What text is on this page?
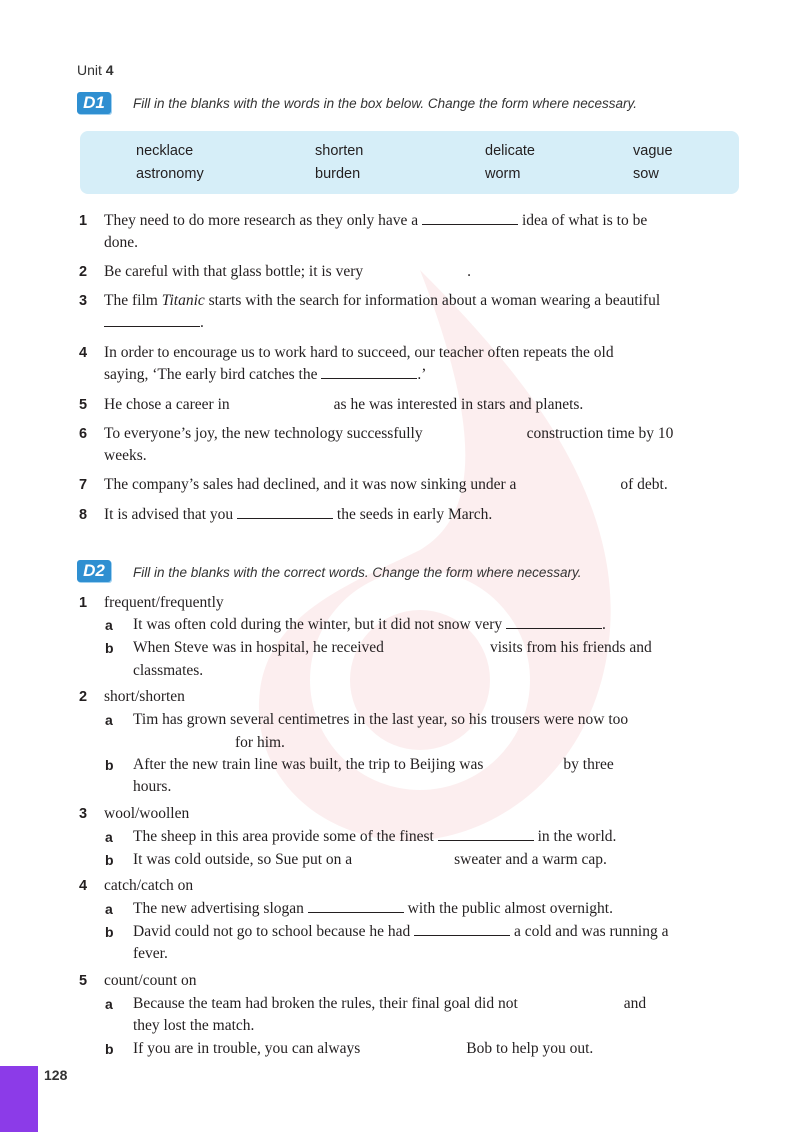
Unit 4
D1	Fill in the blanks with the words in the box below. Change the form where necessary.
necklace	shorten	delicate	vague
astronomy	burden	worm	sow
1 They need to do more research as they only have a	idea of what is to be
done.
2 Be careful with that glass bottle; it is very	.
3 The film Titanic starts with the search for information about a woman wearing a beautiful
.
4 In order to encourage us to work hard to succeed, our teacher often repeats the old
saying, ‘The early bird catches the	.’
5 He chose a career in	as he was interested in stars and planets.
6 To everyone’s joy, the new technology successfully	construction time by 10
weeks.
7 The company’s sales had declined, and it was now sinking under a	of debt.
8 It is advised that you	the seeds in early March.
D2	Fill in the blanks with the correct words. Change the form where necessary.
1 frequent/frequently
a It was often cold during the winter, but it did not snow very	.
b When Steve was in hospital, he received	visits from his friends and
classmates.
2 short/shorten
a Tim has grown several centimetres in the last year, so his trousers were now too
for him.
b After the new train line was built, the trip to Beijing was	by three
hours.
3 wool/woollen
a The sheep in this area provide some of the finest	in the world.
b It was cold outside, so Sue put on a	sweater and a warm cap.
4 catch/catch on
a The new advertising slogan	with the public almost overnight.
b David could not go to school because he had	a cold and was running a
fever.
5 count/count on
a Because the team had broken the rules, their final goal did not	and
they lost the match.
b If you are in trouble, you can always	Bob to help you out.
128
